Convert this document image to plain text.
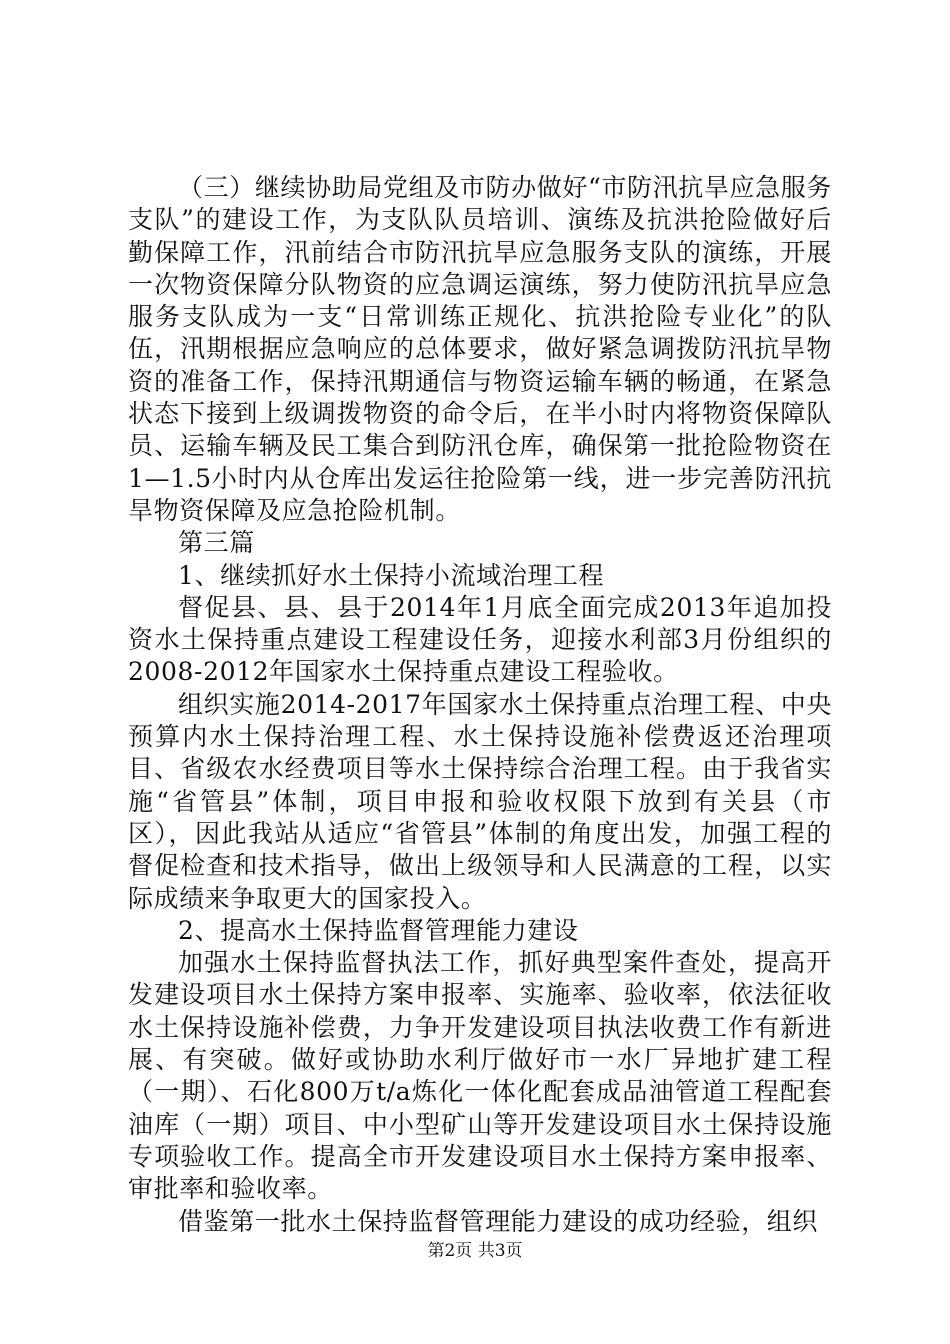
（三）继续协助局党组及市防办做好“市防汛抗旱应急服务支队”的建设工作，为支队队员培训、演练及抗洪抢险做好后勤保障工作，汛前结合市防汛抗旱应急服务支队的演练，开展一次物资保障分队物资的应急调运演练，努力使防汛抗旱应急服务支队成为一支“日常训练正规化、抗洪抢险专业化”的队伍，汛期根据应急响应的总体要求，做好紧急调拨防汛抗旱物资的准备工作，保持汛期通信与物资运输车辆的畅通，在紧急状态下接到上级调拨物资的命令后，在半小时内将物资保障队员、运输车辆及民工集合到防汛仓库，确保第一批抢险物资在1—1.5小时内从仓库出发运往抢险第一线，进一步完善防汛抗旱物资保障及应急抢险机制。

第三篇

1、继续抓好水土保持小流域治理工程

督促县、县、县于2014年1月底全面完成2013年追加投资水土保持重点建设工程建设任务，迎接水利部3月份组织的2008-2012年国家水土保持重点建设工程验收。

组织实施2014-2017年国家水土保持重点治理工程、中央预算内水土保持治理工程、水土保持设施补偿费返还治理项目、省级农水经费项目等水土保持综合治理工程。由于我省实施“省管县”体制，项目申报和验收权限下放到有关县（市区），因此我站从适应“省管县”体制的角度出发，加强工程的督促检查和技术指导，做出上级领导和人民满意的工程，以实际成绩来争取更大的国家投入。

2、提高水土保持监督管理能力建设

加强水土保持监督执法工作，抓好典型案件查处，提高开发建设项目水土保持方案申报率、实施率、验收率，依法征收水土保持设施补偿费，力争开发建设项目执法收费工作有新进展、有突破。做好或协助水利厅做好市一水厂异地扩建工程（一期）、石化800万t/a炼化一体化配套成品油管道工程配套油库（一期）项目、中小型矿山等开发建设项目水土保持设施专项验收工作。提高全市开发建设项目水土保持方案申报率、审批率和验收率。

借鉴第一批水土保持监督管理能力建设的成功经验，组织

第2页 共3页
